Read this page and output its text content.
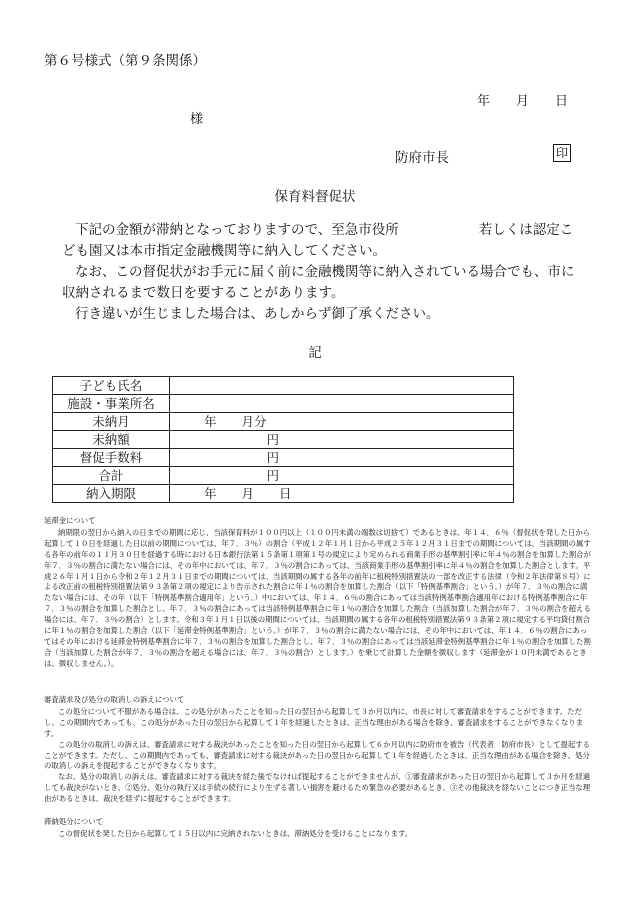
第６号様式（第９条関係）
年 月 日
様
防府市長	印
保育料督促状

下記の金額が滞納となっておりますので、至急市役所	若しくは認定こども園又は本市指定金融機関等に納入してください。

なお、この督促状がお手元に届く前に金融機関等に納入されている場合でも、市に収納されるまで数日を要することがあります。

行き違いが生じました場合は、あしからず御了承ください。

記
子ども氏名	
施設・事業所名	
未納月	年　　月分
未納額	　　　　　円
督促手数料	　　　　　円
合計	　　　　　円
納入期限	年　　月　　日

延滞金について

納期限の翌日から納入の日までの期間に応じ、当該保育料が１００円以上（１００円未満の端数は切捨て）であるときは、年１４．６％（督促状を発した日から起算して１０日を経過した日以前の期間については、年７．３％）の割合（平成１２年１月１日から平成２５年１２月３１日までの期間については、当該期間の属する各年の前年の１１月３０日を経過する時における日本銀行法第１５条第１項第１号の規定により定められる商業手形の基準割引率に年４％の割合を加算した割合が年７．３％の割合に満たない場合には、その年中においては、年７．３％の割合にあっては、当該商業手形の基準割引率に年４％の割合を加算した割合とします。平成２６年１月１日から令和２年１２月３１日までの期間については、当該期間の属する各年の前年に租税特別措置法の一部を改正する法律（令和２年法律第８号）による改正前の租税特別措置法第９３条第２項の規定により告示された割合に年１％の割合を加算した割合（以下「特例基準割合」という。）が年７．３％の割合に満たない場合には、その年（以下「特例基準割合適用年」という。）中においては、年１４．６％の割合にあっては当該特例基準割合適用年における特例基準割合に年７．３％の割合を加算した割合とし、年７．３％の割合にあっては当該特例基準割合に年１％の割合を加算した割合（当該加算した割合が年７．３％の割合を超える場合には、年７．３％の割合）とします。令和３年１月１日以後の期間については、当該期間の属する各年の租税特別措置法第９３条第２項に規定する平均貸付割合に年１％の割合を加算した割合（以下「延滞金特例基準割合」という。）が年７．３％の割合に満たない場合には、その年中においては、年１４．６％の割合にあってはその年における延滞金特例基準割合に年７．３％の割合を加算した割合とし、年７．３％の割合にあっては当該延滞金特例基準割合に年１％の割合を加算した割合（当該加算した割合が年７．３％の割合を超える場合には、年７．３％の割合）とします。）を乗じて計算した金額を徴収します（延滞金が１０円未満であるときは、徴収しません。）。

審査請求及び処分の取消しの訴えについて

この処分について不服がある場合は、この処分があったことを知った日の翌日から起算して３か月以内に、市長に対して審査請求をすることができます。ただし、この期間内であっても、この処分があった日の翌日から起算して１年を経過したときは、正当な理由がある場合を除き、審査請求をすることができなくなります。

この処分の取消しの訴えは、審査請求に対する裁決があったことを知った日の翌日から起算して６か月以内に防府市を被告（代表者　防府市長）として提起することができます。ただし、この期間内であっても、審査請求に対する裁決があった日の翌日から起算して１年を経過したときは、正当な理由がある場合を除き、処分の取消しの訴えを提起することができなくなります。

なお、処分の取消しの訴えは、審査請求に対する裁決を経た後でなければ提起することができませんが、①審査請求があった日の翌日から起算して３か月を経過しても裁決がないとき、②処分、処分の執行又は手続の続行により生ずる著しい損害を避けるため緊急の必要があるとき、③その他裁決を経ないことにつき正当な理由があるときは、裁決を経ずに提起することができます。

滞納処分について

この督促状を発した日から起算して１５日以内に完納されないときは、滞納処分を受けることになります。
